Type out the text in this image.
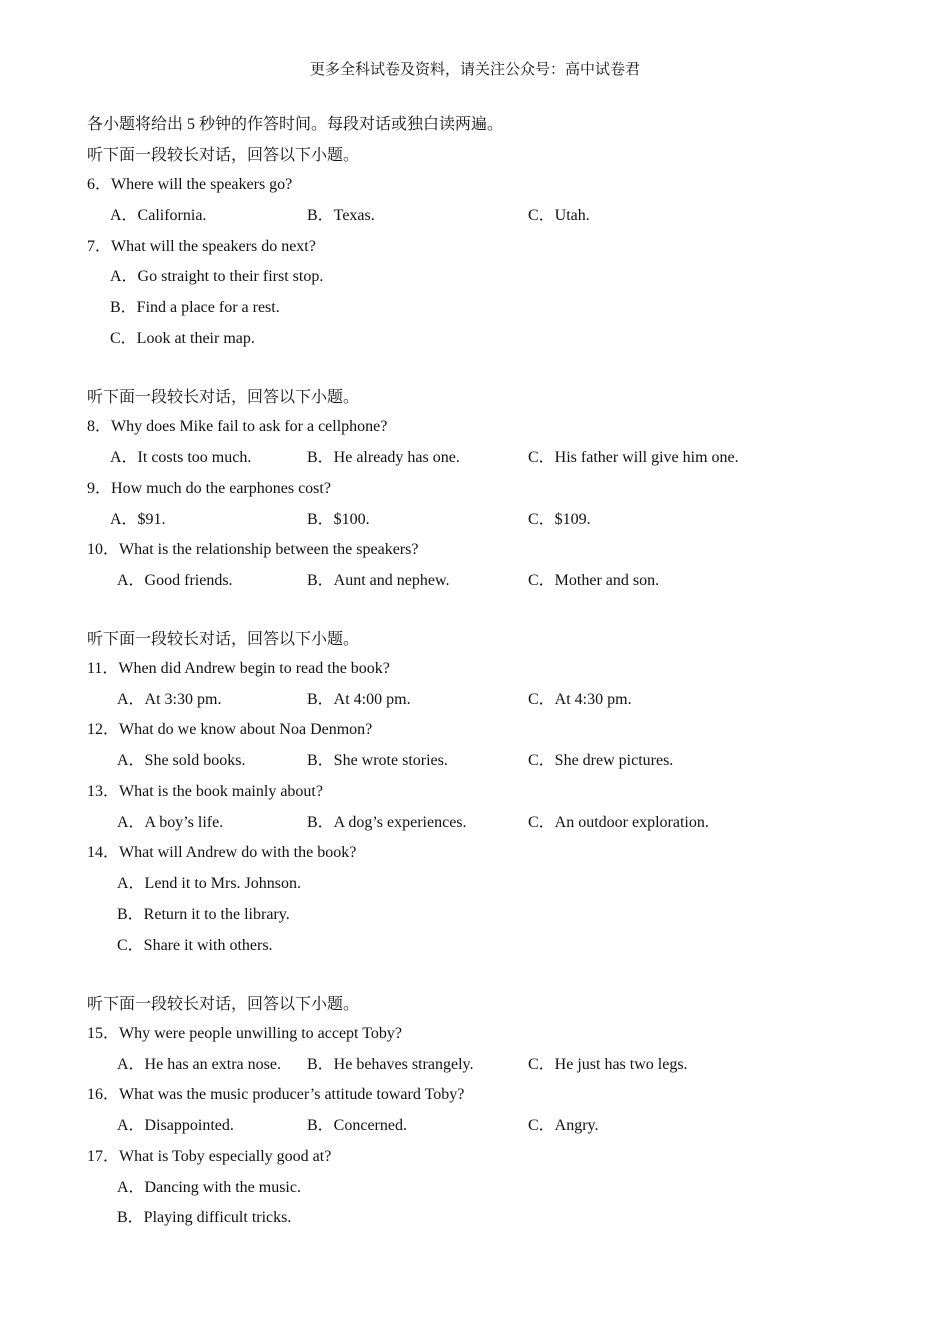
更多全科试卷及资料，请关注公众号：高中试卷君
各小题将给出 5 秒钟的作答时间。每段对话或独白读两遍。
听下面一段较长对话，回答以下小题。
6．Where will the speakers go?
A．California.	B．Texas.	C．Utah.
7．What will the speakers do next?
A．Go straight to their first stop.
B．Find a place for a rest.
C．Look at their map.
听下面一段较长对话，回答以下小题。
8．Why does Mike fail to ask for a cellphone?
A．It costs too much.	B．He already has one.	C．His father will give him one.
9．How much do the earphones cost?
A．$91.	B．$100.	C．$109.
10．What is the relationship between the speakers?
A．Good friends.	B．Aunt and nephew.	C．Mother and son.
听下面一段较长对话，回答以下小题。
11．When did Andrew begin to read the book?
A．At 3:30 pm.	B．At 4:00 pm.	C．At 4:30 pm.
12．What do we know about Noa Denmon?
A．She sold books.	B．She wrote stories.	C．She drew pictures.
13．What is the book mainly about?
A．A boy’s life.	B．A dog’s experiences.	C．An outdoor exploration.
14．What will Andrew do with the book?
A．Lend it to Mrs. Johnson.
B．Return it to the library.
C．Share it with others.
听下面一段较长对话，回答以下小题。
15．Why were people unwilling to accept Toby?
A．He has an extra nose. B．He behaves strangely.	C．He just has two legs.
16．What was the music producer’s attitude toward Toby?
A．Disappointed.	B．Concerned.	C．Angry.
17．What is Toby especially good at?
A．Dancing with the music.
B．Playing difficult tricks.
